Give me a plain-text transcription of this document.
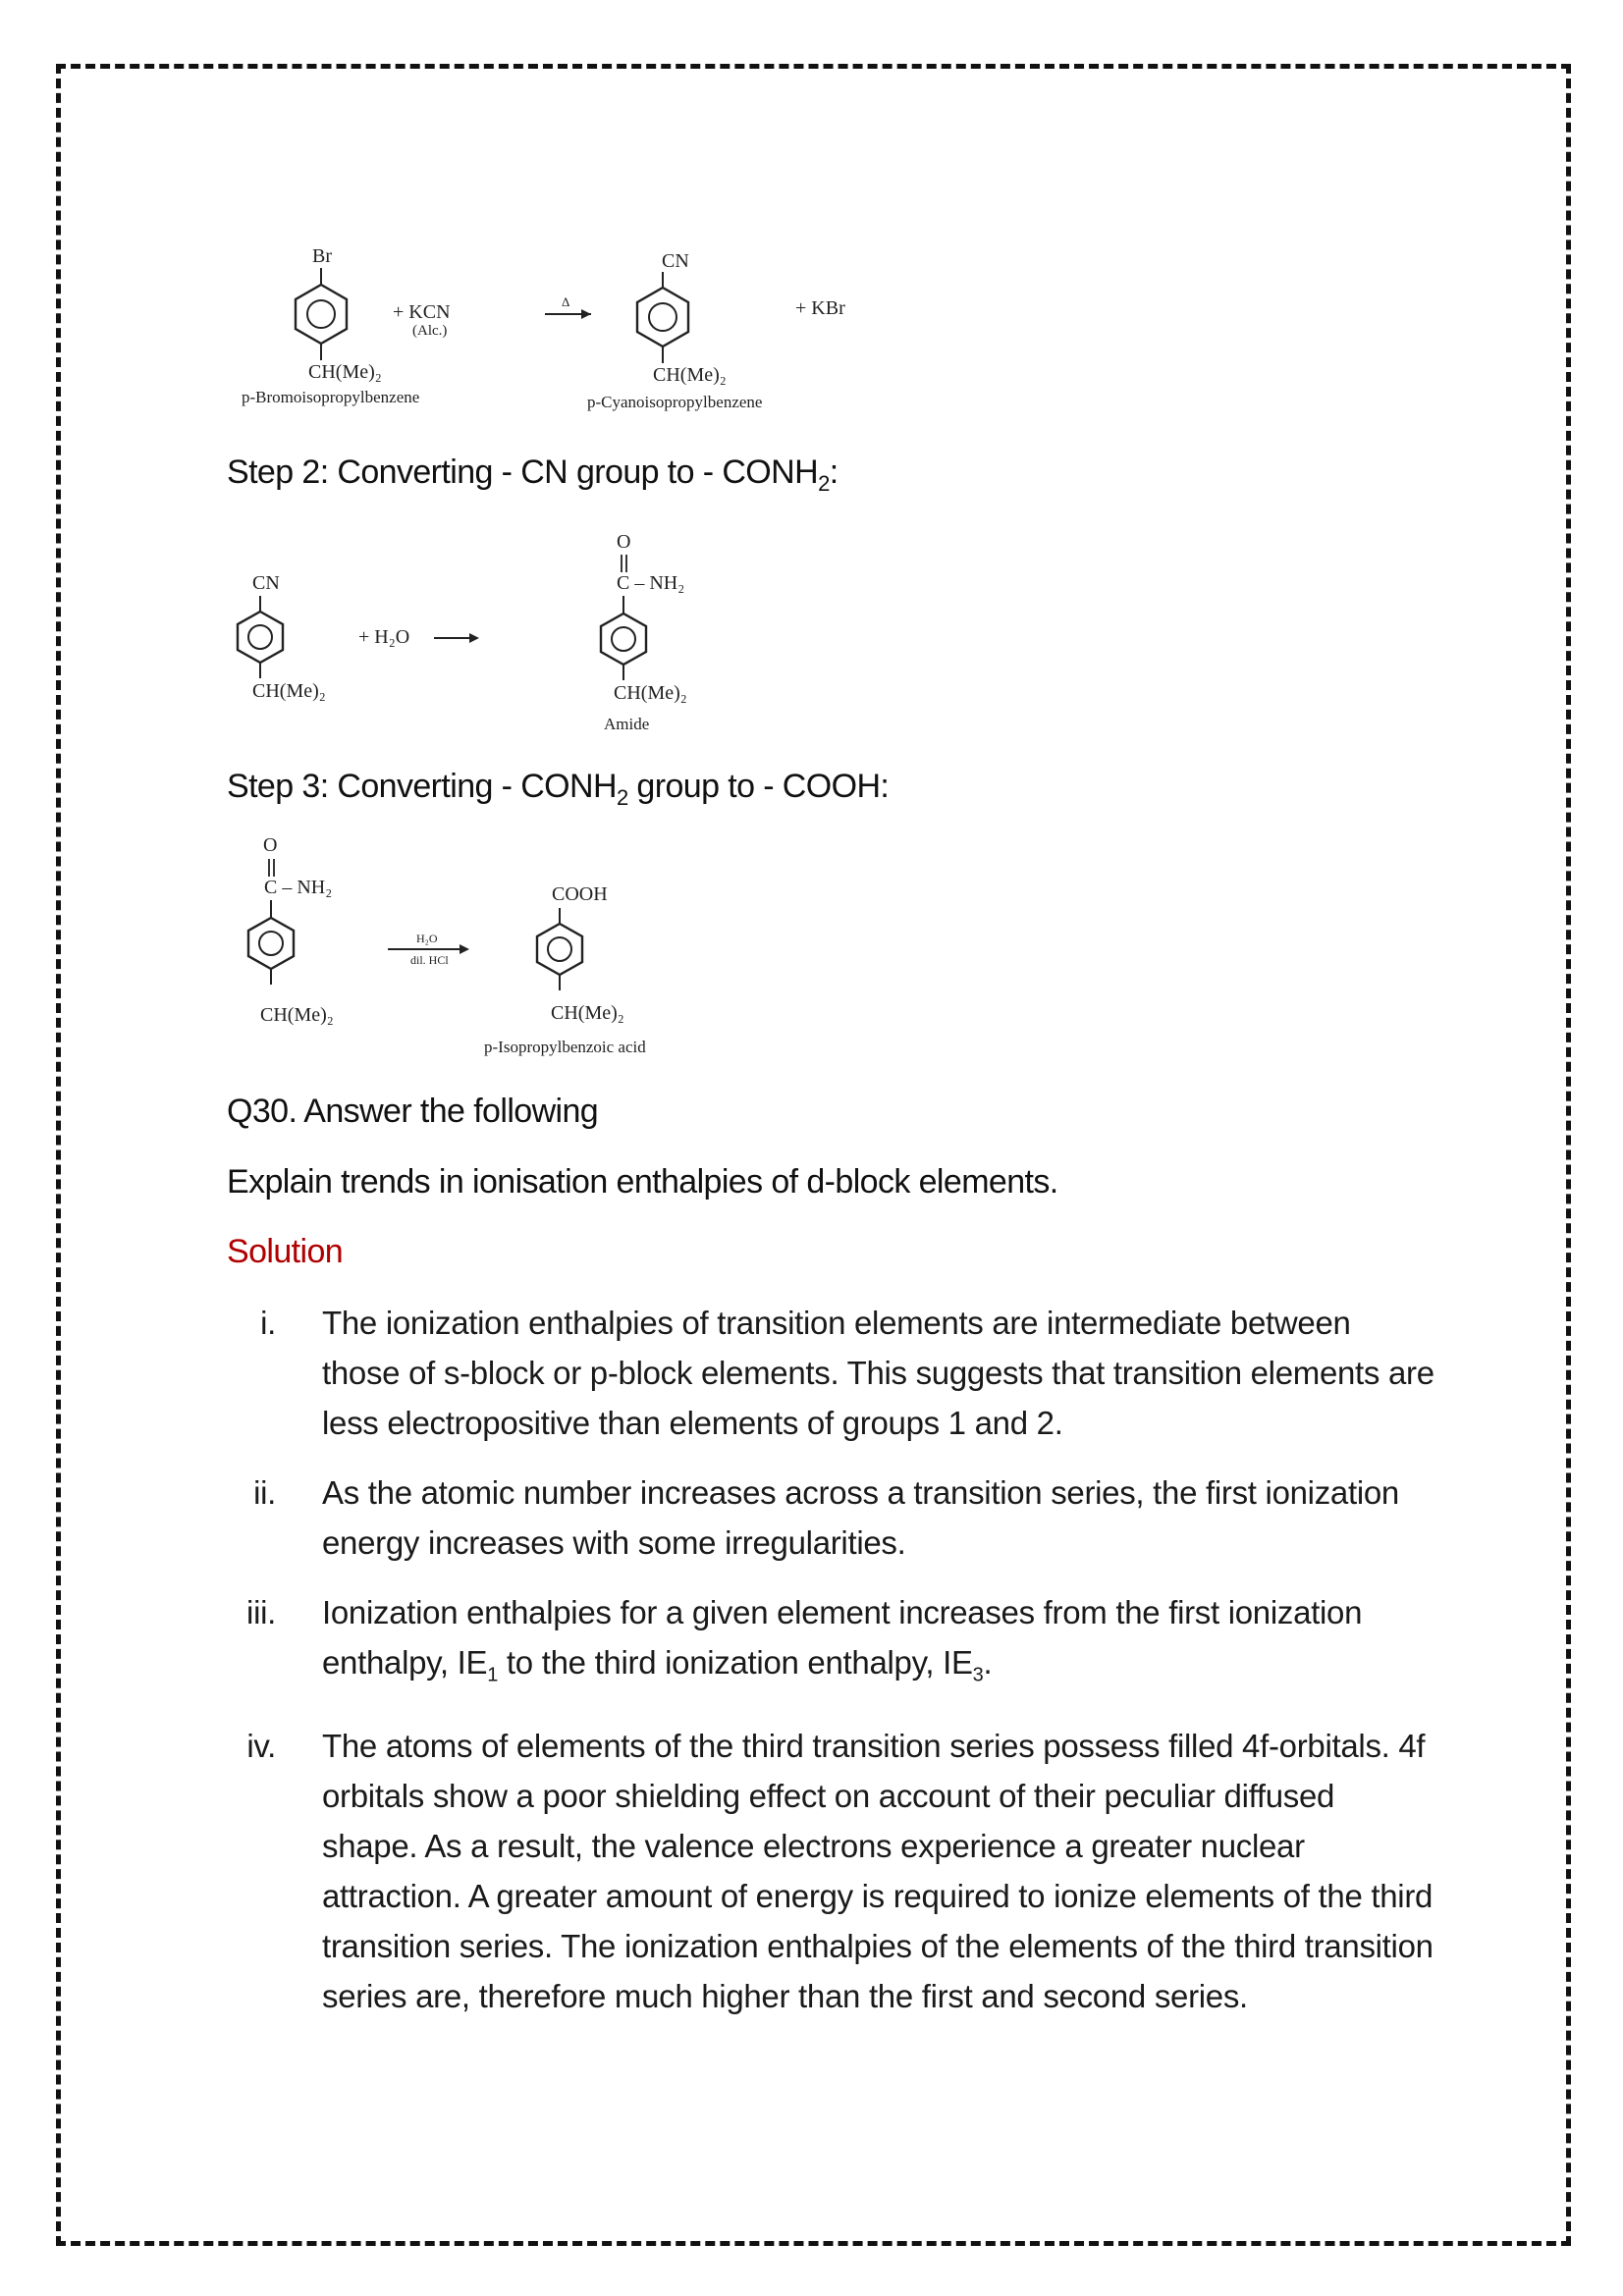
Br
CH(Me)₂
p-Bromoisopropylbenzene
+ KCN
(Alc.)
Δ
CN
CH(Me)₂
p-Cyanoisopropylbenzene
+ KBr
Step 2: Converting - CN group to - $CONH_2$:
CN
CH(Me)₂
+ H₂O
O
C – NH₂
CH(Me)₂
Amide
Step 3: Converting - $CONH_2$ group to - COOH:
O
C – NH₂
CH(Me)₂
H₂O
dil. HCl
COOH
CH(Me)₂
p-Isopropylbenzoic acid
Q30. Answer the following
Explain trends in ionisation enthalpies of d-block elements.
Solution
i. The ionization enthalpies of transition elements are intermediate between those of s-block or p-block elements. This suggests that transition elements are less electropositive than elements of groups 1 and 2.
ii. As the atomic number increases across a transition series, the first ionization energy increases with some irregularities.
iii. Ionization enthalpies for a given element increases from the first ionization enthalpy, $IE_1$ to the third ionization enthalpy, $IE_3$.
iv. The atoms of elements of the third transition series possess filled 4f-orbitals. 4f orbitals show a poor shielding effect on account of their peculiar diffused shape. As a result, the valence electrons experience a greater nuclear attraction. A greater amount of energy is required to ionize elements of the third transition series. The ionization enthalpies of the elements of the third transition series are, therefore much higher than the first and second series.
